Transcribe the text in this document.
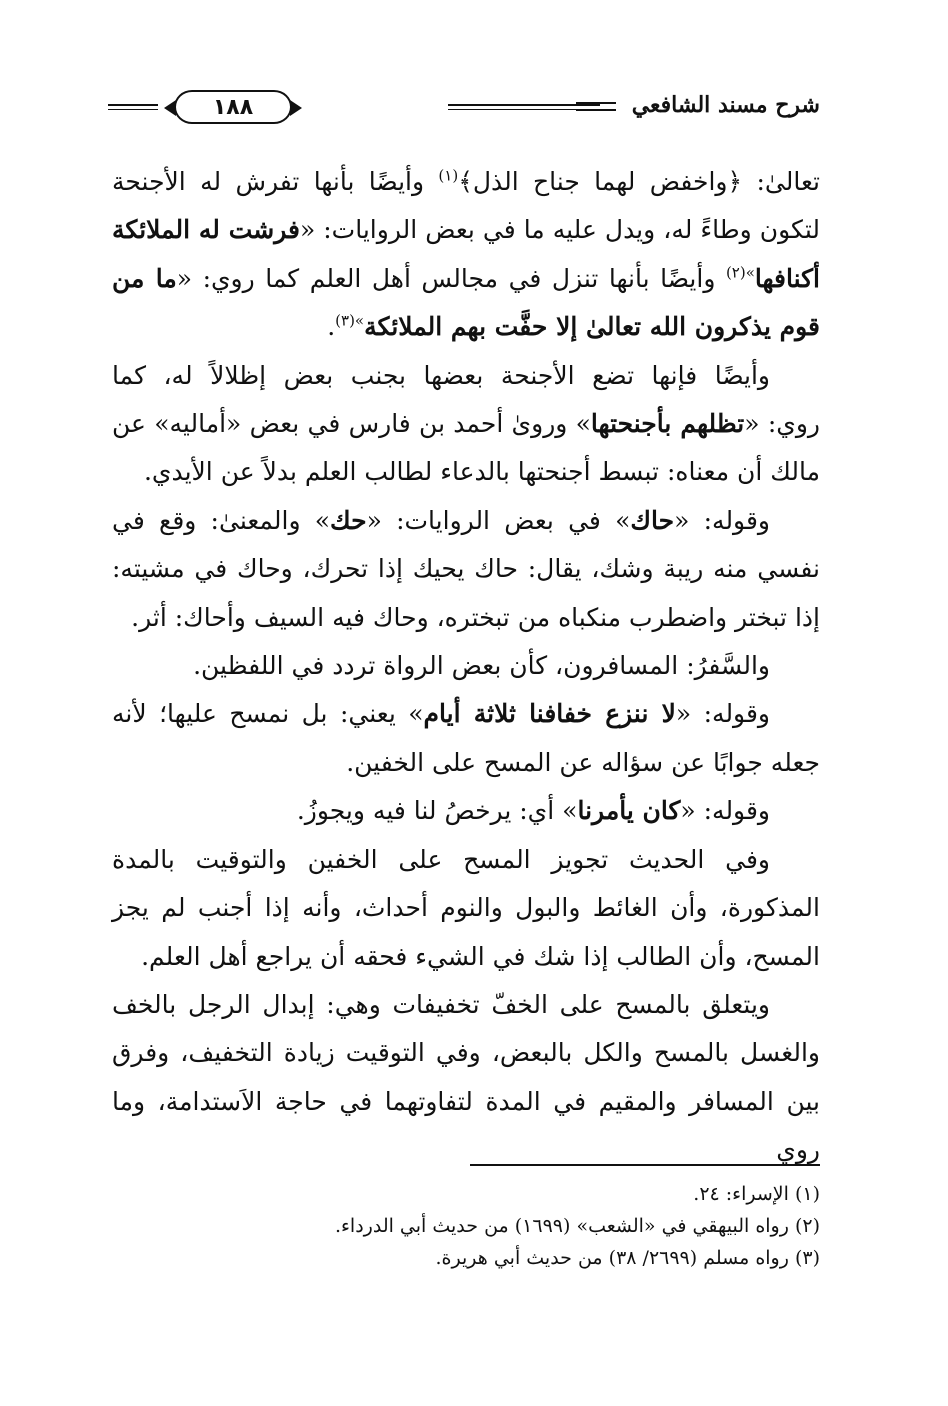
١٨٨	شرح مسند الشافعي
تعالىٰ: ﴿واخفض لهما جناح الذل﴾$^{(١)}$ وأيضًا بأنها تفرش له الأجنحة
لتكون وطاءً له، ويدل عليه ما في بعض الروايات: «فرشت له الملائكة
أكنافها$^{»(٢)}$ وأيضًا بأنها تنزل في مجالس أهل العلم كما روي: «ما من
قوم يذكرون الله تعالىٰ إلا حفَّت بهم الملائكة$^{»(٣)}$.
وأيضًا فإنها تضع الأجنحة بعضها بجنب بعض إظلالاً له، كما
روي: «تظلهم بأجنحتها» وروىٰ أحمد بن فارس في بعض «أماليه» عن
مالك أن معناه: تبسط أجنحتها بالدعاء لطالب العلم بدلاً عن الأيدي.
وقوله: «حاك» في بعض الروايات: «حك» والمعنىٰ: وقع في
نفسي منه ريبة وشك، يقال: حاك يحيك إذا تحرك، وحاك في مشيته:
إذا تبختر واضطرب منكباه من تبختره، وحاك فيه السيف وأحاك: أثر.
والسَّفرُ: المسافرون، كأن بعض الرواة تردد في اللفظين.
وقوله: «لا ننزع خفافنا ثلاثة أيام» يعني: بل نمسح عليها؛ لأنه
جعله جوابًا عن سؤاله عن المسح على الخفين.
وقوله: «كان يأمرنا» أي: يرخصُ لنا فيه ويجوزُ.
وفي الحديث تجويز المسح على الخفين والتوقيت بالمدة
المذكورة، وأن الغائط والبول والنوم أحداث، وأنه إذا أجنب لم يجز
المسح، وأن الطالب إذا شك في الشيء فحقه أن يراجع أهل العلم.
ويتعلق بالمسح على الخفّ تخفيفات وهي: إبدال الرجل بالخف
والغسل بالمسح والكل بالبعض، وفي التوقيت زيادة التخفيف، وفرق
بين المسافر والمقيم في المدة لتفاوتهما في حاجة الاَستدامة، وما روي
(١) الإسراء: ٢٤.
(٢) رواه البيهقي في «الشعب» (١٦٩٩) من حديث أبي الدرداء.
(٣) رواه مسلم (٢٦٩٩/ ٣٨) من حديث أبي هريرة.
